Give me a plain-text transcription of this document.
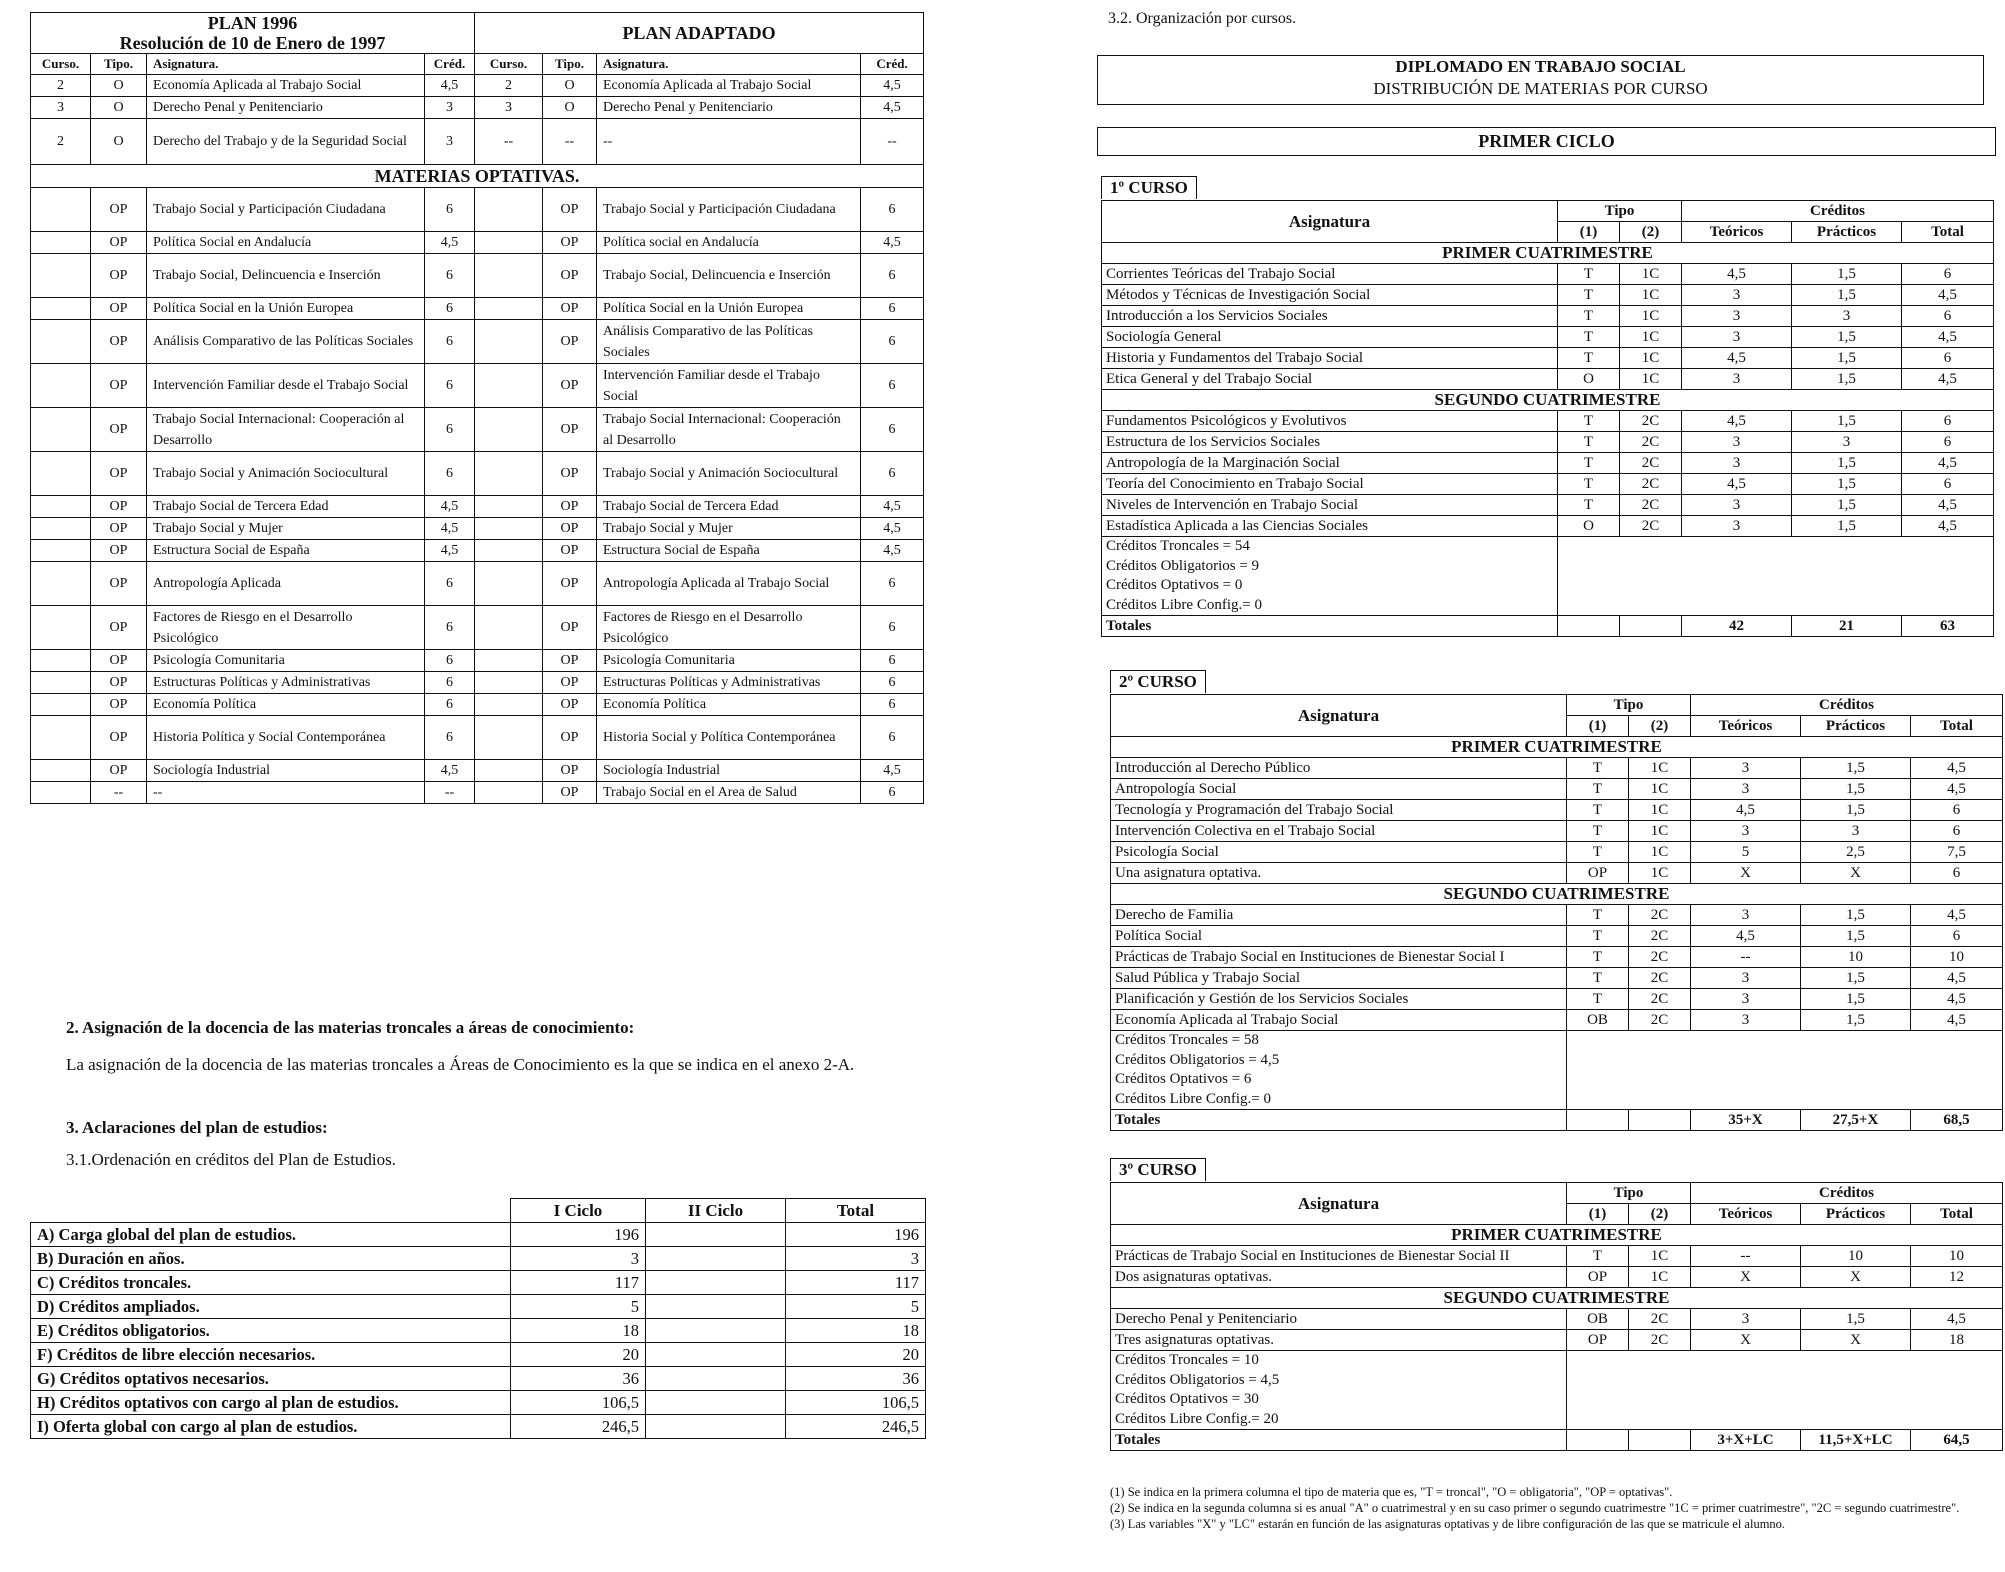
PLAN 1996
Resolución de 10 de Enero de 1997				PLAN ADAPTADO			
Curso.	Tipo.	Asignatura.	Créd.	Curso.	Tipo.	Asignatura.	Créd.
2	O	Economía Aplicada al Trabajo Social	4,5	2	O	Economía Aplicada al Trabajo Social	4,5
3	O	Derecho Penal y Penitenciario	3	3	O	Derecho Penal y Penitenciario	4,5
2	O	Derecho del Trabajo y de la Seguridad Social	3	--	--	--	--
MATERIAS OPTATIVAS.							
	OP	Trabajo Social y Participación Ciudadana	6		OP	Trabajo Social y Participación Ciudadana	6
	OP	Política Social en Andalucía	4,5		OP	Política social en Andalucía	4,5
	OP	Trabajo Social, Delincuencia e Inserción	6		OP	Trabajo Social, Delincuencia e Inserción	6
	OP	Política Social en la Unión Europea	6		OP	Política Social en la Unión Europea	6
	OP	Análisis Comparativo de las Políticas Sociales	6		OP	Análisis Comparativo de las Políticas Sociales	6
	OP	Intervención Familiar desde el Trabajo Social	6		OP	Intervención Familiar desde el Trabajo Social	6
	OP	Trabajo Social Internacional: Cooperación al Desarrollo	6		OP	Trabajo Social Internacional: Cooperación al Desarrollo	6
	OP	Trabajo Social y Animación Sociocultural	6		OP	Trabajo Social y Animación Sociocultural	6
	OP	Trabajo Social de Tercera Edad	4,5		OP	Trabajo Social de Tercera Edad	4,5
	OP	Trabajo Social y Mujer	4,5		OP	Trabajo Social y Mujer	4,5
	OP	Estructura Social de España	4,5		OP	Estructura Social de España	4,5
	OP	Antropología Aplicada	6		OP	Antropología Aplicada al Trabajo Social	6
	OP	Factores de Riesgo en el Desarrollo Psicológico	6		OP	Factores de Riesgo en el Desarrollo Psicológico	6
	OP	Psicología Comunitaria	6		OP	Psicología Comunitaria	6
	OP	Estructuras Políticas y Administrativas	6		OP	Estructuras Políticas y Administrativas	6
	OP	Economía Política	6		OP	Economía Política	6
	OP	Historia Política y Social Contemporánea	6		OP	Historia Social y Política Contemporánea	6
	OP	Sociología Industrial	4,5		OP	Sociología Industrial	4,5
	--	--	--		OP	Trabajo Social en el Area de Salud	6
2. Asignación de la docencia de las materias troncales a áreas de conocimiento:
La asignación de la docencia de las materias troncales a Áreas de Conocimiento es la que se indica en el anexo 2-A.
3. Aclaraciones del plan de estudios:
3.1.Ordenación en créditos del Plan de Estudios.
	I Ciclo	II Ciclo	Total
A) Carga global del plan de estudios.	196		196
B) Duración en años.	3		3
C) Créditos troncales.	117		117
D) Créditos ampliados.	5		5
E) Créditos obligatorios.	18		18
F) Créditos de libre elección necesarios.	20		20
G) Créditos optativos necesarios.	36		36
H) Créditos optativos con cargo al plan de estudios.	106,5		106,5
I) Oferta global con cargo al plan de estudios.	246,5		246,5
3.2. Organización por cursos.
DIPLOMADO EN TRABAJO SOCIAL
DISTRIBUCIÓN DE MATERIAS POR CURSO
PRIMER CICLO
1º CURSO
Asignatura	Tipo		Créditos		
	(1)	(2)	Teóricos	Prácticos	Total
PRIMER CUATRIMESTRE					
Corrientes Teóricas del Trabajo Social	T	1C	4,5	1,5	6
Métodos y Técnicas de Investigación Social	T	1C	3	1,5	4,5
Introducción a los Servicios Sociales	T	1C	3	3	6
Sociología General	T	1C	3	1,5	4,5
Historia y Fundamentos del Trabajo Social	T	1C	4,5	1,5	6
Etica General y del Trabajo Social	O	1C	3	1,5	4,5
SEGUNDO CUATRIMESTRE					
Fundamentos Psicológicos y Evolutivos	T	2C	4,5	1,5	6
Estructura de los Servicios Sociales	T	2C	3	3	6
Antropología de la Marginación Social	T	2C	3	1,5	4,5
Teoría del Conocimiento en Trabajo Social	T	2C	4,5	1,5	6
Niveles de Intervención en Trabajo Social	T	2C	3	1,5	4,5
Estadística Aplicada a las Ciencias Sociales	O	2C	3	1,5	4,5

Créditos Troncales = 54
Créditos Obligatorios = 9
Créditos Optativos = 0
Créditos Libre Config.= 0					

Totales			42	21	63
2º CURSO
Asignatura	Tipo		Créditos		
	(1)	(2)	Teóricos	Prácticos	Total
PRIMER CUATRIMESTRE					
Introducción al Derecho Público	T	1C	3	1,5	4,5
Antropología Social	T	1C	3	1,5	4,5
Tecnología y Programación del Trabajo Social	T	1C	4,5	1,5	6
Intervención Colectiva en el Trabajo Social	T	1C	3	3	6
Psicología Social	T	1C	5	2,5	7,5
Una asignatura optativa.	OP	1C	X	X	6
SEGUNDO CUATRIMESTRE					
Derecho de Familia	T	2C	3	1,5	4,5
Política Social	T	2C	4,5	1,5	6
Prácticas de Trabajo Social en Instituciones de Bienestar Social I	T	2C	--	10	10
Salud Pública y Trabajo Social	T	2C	3	1,5	4,5
Planificación y Gestión de los Servicios Sociales	T	2C	3	1,5	4,5
Economía Aplicada al Trabajo Social	OB	2C	3	1,5	4,5

Créditos Troncales = 58
Créditos Obligatorios = 4,5
Créditos Optativos = 6
Créditos Libre Config.= 0					

Totales			35+X	27,5+X	68,5
3º CURSO
Asignatura	Tipo		Créditos		
	(1)	(2)	Teóricos	Prácticos	Total
PRIMER CUATRIMESTRE					
Prácticas de Trabajo Social en Instituciones de Bienestar Social II	T	1C	--	10	10
Dos asignaturas optativas.	OP	1C	X	X	12
SEGUNDO CUATRIMESTRE					
Derecho Penal y Penitenciario	OB	2C	3	1,5	4,5
Tres asignaturas optativas.	OP	2C	X	X	18

Créditos Troncales = 10
Créditos Obligatorios = 4,5
Créditos Optativos = 30
Créditos Libre Config.= 20					

Totales			3+X+LC	11,5+X+LC	64,5
(1) Se indica en la primera columna el tipo de materia que es, "T = troncal", "O = obligatoria", "OP = optativas".
(2) Se indica en la segunda columna si es anual "A" o cuatrimestral y en su caso primer o segundo cuatrimestre "1C = primer cuatrimestre", "2C = segundo cuatrimestre".
(3) Las variables "X" y "LC" estarán en función de las asignaturas optativas y de libre configuración de las que se matricule el alumno.
